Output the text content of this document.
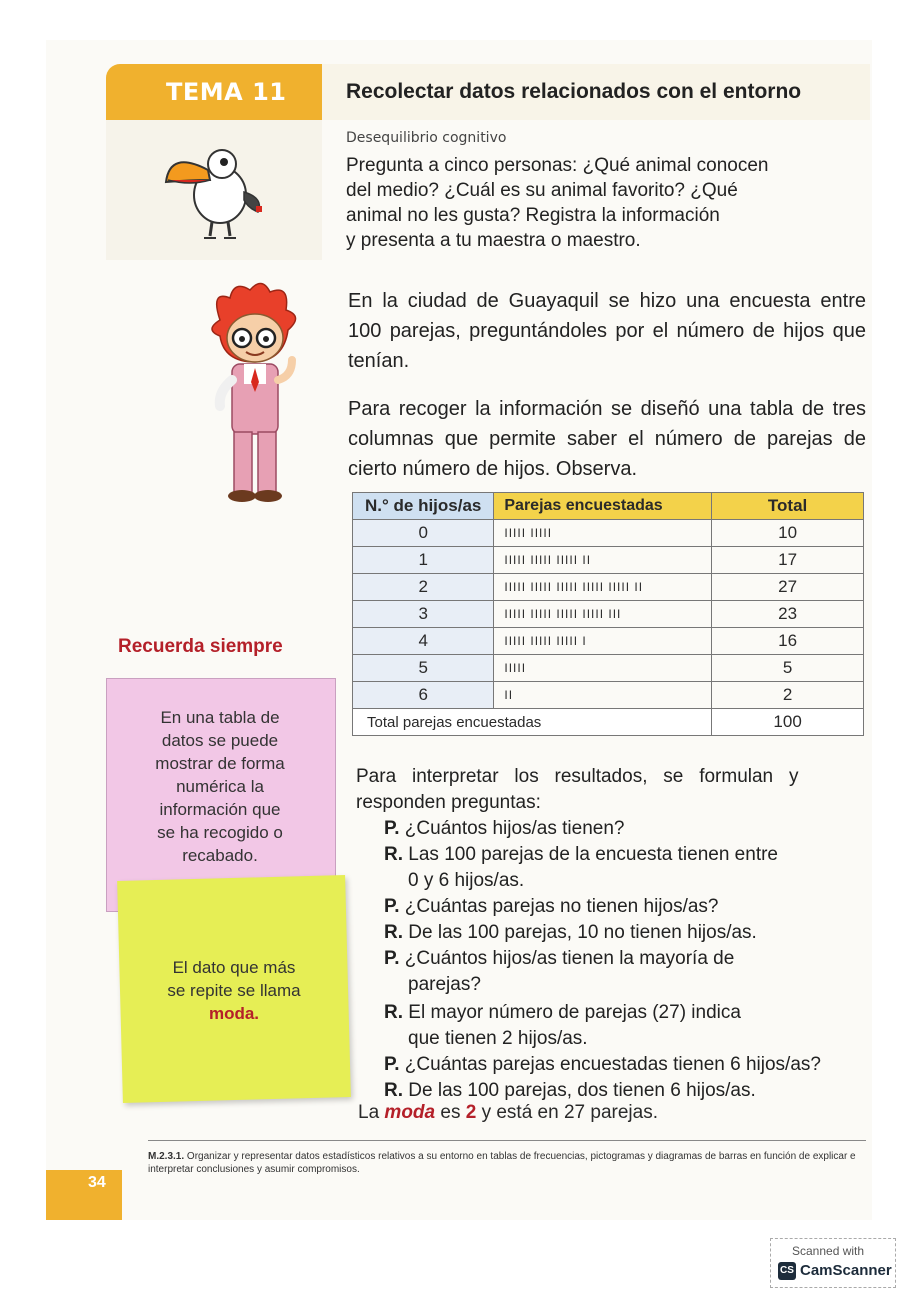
TEMA 11	Recolectar datos relacionados con el entorno
Desequilibrio cognitivo
Pregunta a cinco personas: ¿Qué animal conocen
del medio? ¿Cuál es su animal favorito? ¿Qué
animal no les gusta? Registra la información
y presenta a tu maestra o maestro.
En la ciudad de Guayaquil se hizo una encuesta entre 100 parejas, preguntándoles por el número de hijos que tenían.
Para recoger la información se diseñó una tabla de tres columnas que permite saber el número de parejas de cierto número de hijos. Observa.
N.° de hijos/as	Parejas encuestadas	Total
0	IIIII IIIII	10
1	IIIII IIIII IIIII II	17
2	IIIII IIIII IIIII IIIII IIIII II	27
3	IIIII IIIII IIIII IIIII III	23
4	IIIII IIIII IIIII I	16
5	IIIII	5
6	II	2
Total parejas encuestadas		100
Recuerda siempre
En una tabla de
datos se puede
mostrar de forma
numérica la
información que
se ha recogido o
recabado.
El dato que más
se repite se llama
moda.
Para   interpretar   los   resultados,   se   formulan   y
responden preguntas:
P. ¿Cuántos hijos/as tienen?
R. Las 100 parejas de la encuesta tienen entre
0 y 6 hijos/as.
P. ¿Cuántas parejas no tienen hijos/as?
R. De las 100 parejas, 10 no tienen hijos/as.
P. ¿Cuántos hijos/as tienen la mayoría de
parejas?
R. El mayor número de parejas (27) indica
que tienen 2 hijos/as.
P. ¿Cuántas parejas encuestadas tienen 6 hijos/as?
R. De las 100 parejas, dos tienen 6 hijos/as.
La moda es 2 y está en 27 parejas.
M.2.3.1. Organizar y representar datos estadísticos relativos a su entorno en tablas de frecuencias, pictogramas y diagramas de barras en función de explicar e interpretar conclusiones y asumir compromisos.
34
Scanned with
CS CamScanner
